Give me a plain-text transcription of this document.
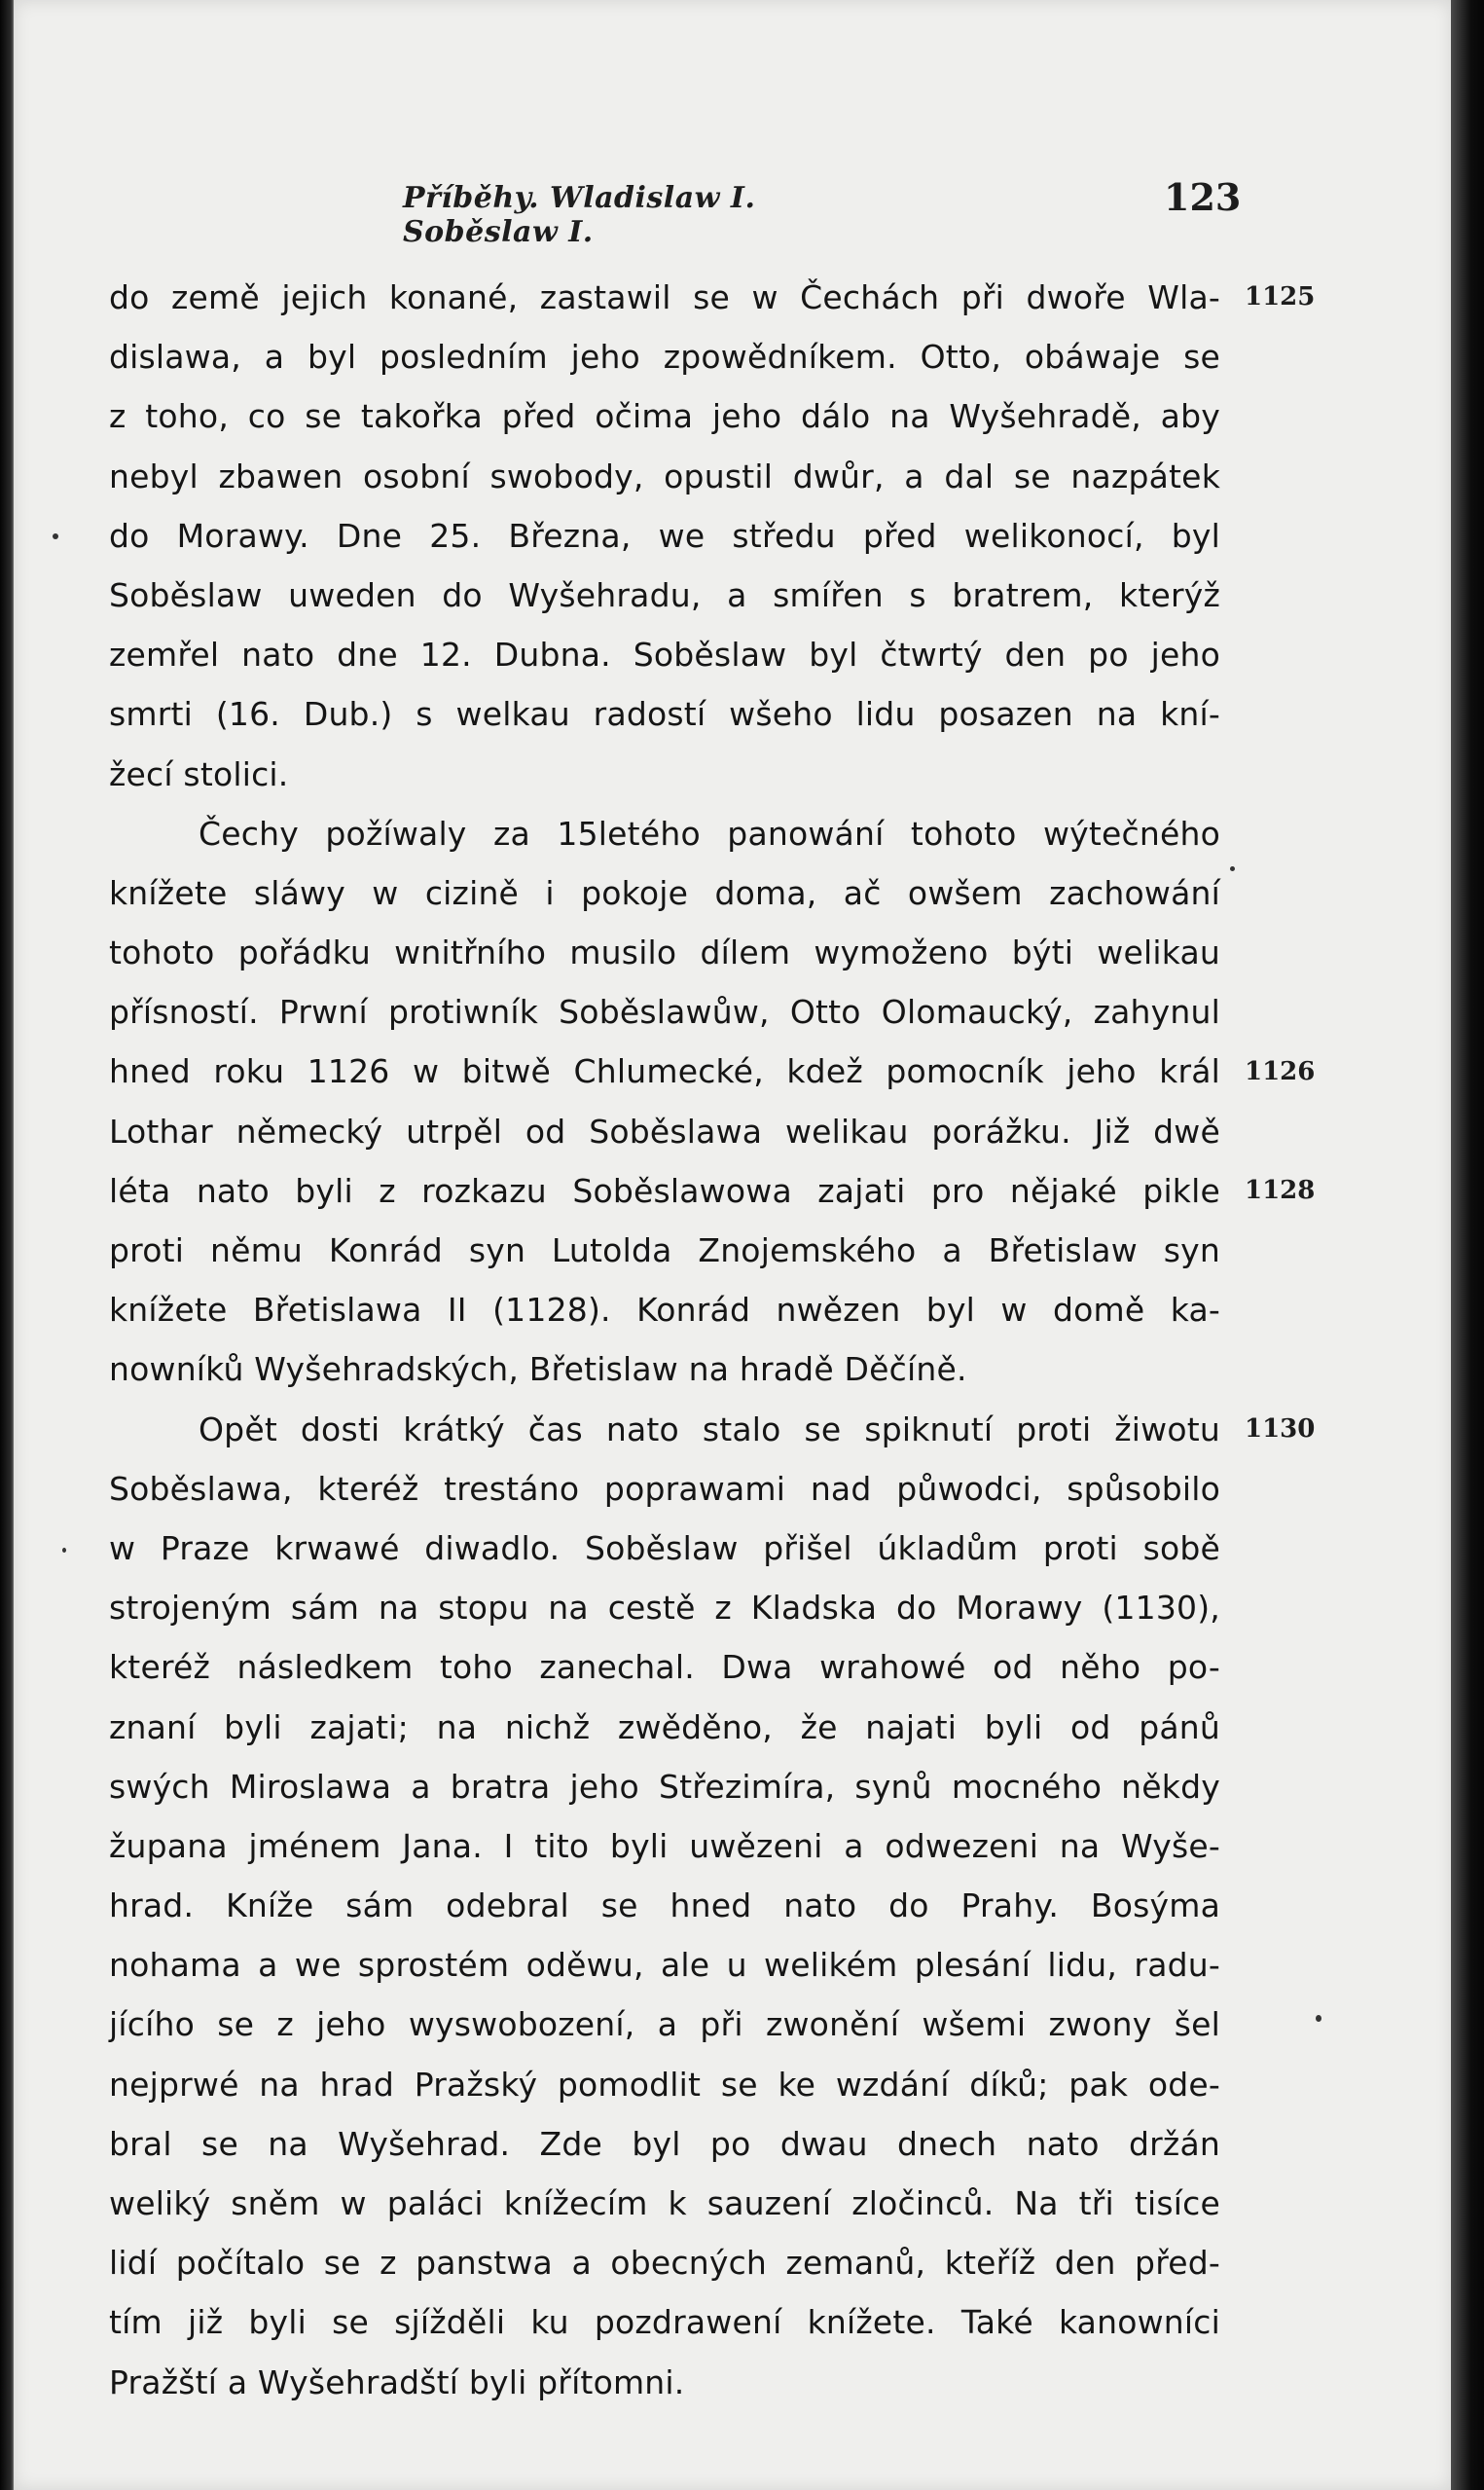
Příběhy. Wladislaw I. Soběslaw I.
123
do země jejich konané, zastawil se w Čechách při dwoře Wla-
dislawa, a byl posledním jeho zpowědníkem. Otto, obáwaje se
z toho, co se takořka před očima jeho dálo na Wyšehradě, aby
nebyl zbawen osobní swobody, opustil dwůr, a dal se nazpátek
do Morawy. Dne 25. Března, we středu před welikonocí, byl
Soběslaw uweden do Wyšehradu, a smířen s bratrem, kterýž
zemřel nato dne 12. Dubna. Soběslaw byl čtwrtý den po jeho
smrti (16. Dub.) s welkau radostí wšeho lidu posazen na kní-
žecí stolici.
Čechy požíwaly za 15letého panowání tohoto wýtečného
knížete sláwy w cizině i pokoje doma, ač owšem zachowání
tohoto pořádku wnitřního musilo dílem wymoženo býti welikau
přísností. Prwní protiwník Soběslawůw, Otto Olomaucký, zahynul
hned roku 1126 w bitwě Chlumecké, kdež pomocník jeho král
Lothar německý utrpěl od Soběslawa welikau porážku. Již dwě
léta nato byli z rozkazu Soběslawowa zajati pro nějaké pikle
proti němu Konrád syn Lutolda Znojemského a Břetislaw syn
knížete Břetislawa II (1128). Konrád nwězen byl w domě ka-
nowníků Wyšehradských, Břetislaw na hradě Děčíně.
Opět dosti krátký čas nato stalo se spiknutí proti žiwotu
Soběslawa, kteréž trestáno poprawami nad půwodci, spůsobilo
w Praze krwawé diwadlo. Soběslaw přišel úkladům proti sobě
strojeným sám na stopu na cestě z Kladska do Morawy (1130),
kteréž následkem toho zanechal. Dwa wrahowé od něho po-
znaní byli zajati; na nichž zwěděno, že najati byli od pánů
swých Miroslawa a bratra jeho Střezimíra, synů mocného někdy
župana jménem Jana. I tito byli uwězeni a odwezeni na Wyše-
hrad. Kníže sám odebral se hned nato do Prahy. Bosýma
nohama a we sprostém oděwu, ale u welikém plesání lidu, radu-
jícího se z jeho wyswobození, a při zwonění wšemi zwony šel
nejprwé na hrad Pražský pomodlit se ke wzdání díků; pak ode-
bral se na Wyšehrad. Zde byl po dwau dnech nato držán
weliký sněm w paláci knížecím k sauzení zločinců. Na tři tisíce
lidí počítalo se z panstwa a obecných zemanů, kteříž den před-
tím již byli se sjížděli ku pozdrawení knížete. Také kanowníci
Pražští a Wyšehradští byli přítomni.
1125
1126
1128
1130
